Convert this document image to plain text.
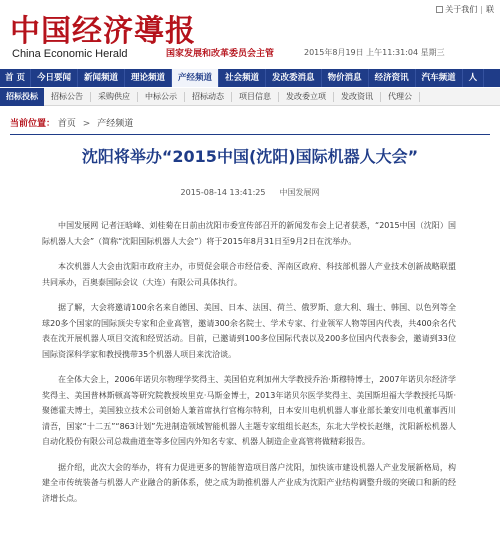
中国经济導报
China Economic Herald	国家发展和改革委员会主管	2015年8月19日 上午11:31:04 星期三
关于我们 | 联
首 页	今日要闻	新闻频道	理论频道	产经频道	社会频道	发改委消息	物价消息	经济资讯	汽车频道	人
招标投标	招标公告	采购供应	中标公示	招标动态	项目信息	发改委立项	发改资讯	代理公
当前位置： 首页 > 产经频道
沈阳将举办“2015中国(沈阳)国际机器人大会”
2015-08-14 13:41:25 中国发展网

中国发展网 记者汪晗峰、刘桂菊在日前由沈阳市委宣传部召开的新闻发布会上记者获悉，“2015中国（沈阳）国际机器人大会”（简称“沈阳国际机器人大会”）将于2015年8月31日至9月2日在沈举办。

本次机器人大会由沈阳市政府主办，市贸促会联合市经信委、浑南区政府、科技部机器人产业技术创新战略联盟共同承办，百奥泰国际会议（大连）有限公司具体执行。

据了解，大会将邀请100余名来自德国、美国、日本、法国、荷兰、俄罗斯、意大利、瑞士、韩国、以色列等全球20多个国家的国际顶尖专家和企业高管，邀请300余名院士、学术专家、行业领军人物等国内代表，共400余名代表在沈开展机器人项目交流和经贸活动。目前，已邀请到100多位国际代表以及200多位国内代表参会，邀请到33位国际资深科学家和教授携带35个机器人项目来沈洽谈。

在全体大会上，2006年诺贝尔物理学奖得主、美国伯克利加州大学教授乔治·斯穆特博士，2007年诺贝尔经济学奖得主、美国普林斯顿高等研究院教授埃里克·马斯金博士，2013年诺贝尔医学奖得主、美国斯坦福大学教授托马斯·聚德霍夫博士，美国独立技术公司创始人兼首席执行官梅尔特利，日本安川电机机器人事业部长兼安川电机董事西川清吾，国家“十二五”“863计划”先进制造领域智能机器人主题专家组组长赵杰，东北大学校长赵继，沈阳新松机器人自动化股份有限公司总裁曲道奎等多位国内外知名专家、机器人制造企业高管将做精彩报告。

据介绍，此次大会的举办，将有力促进更多的智能智造项目落户沈阳，加快该市建设机器人产业发展新格局，构建全市传统装备与机器人产业融合的新体系，使之成为助推机器人产业成为沈阳产业结构调整升级的突破口和新的经济增长点。
